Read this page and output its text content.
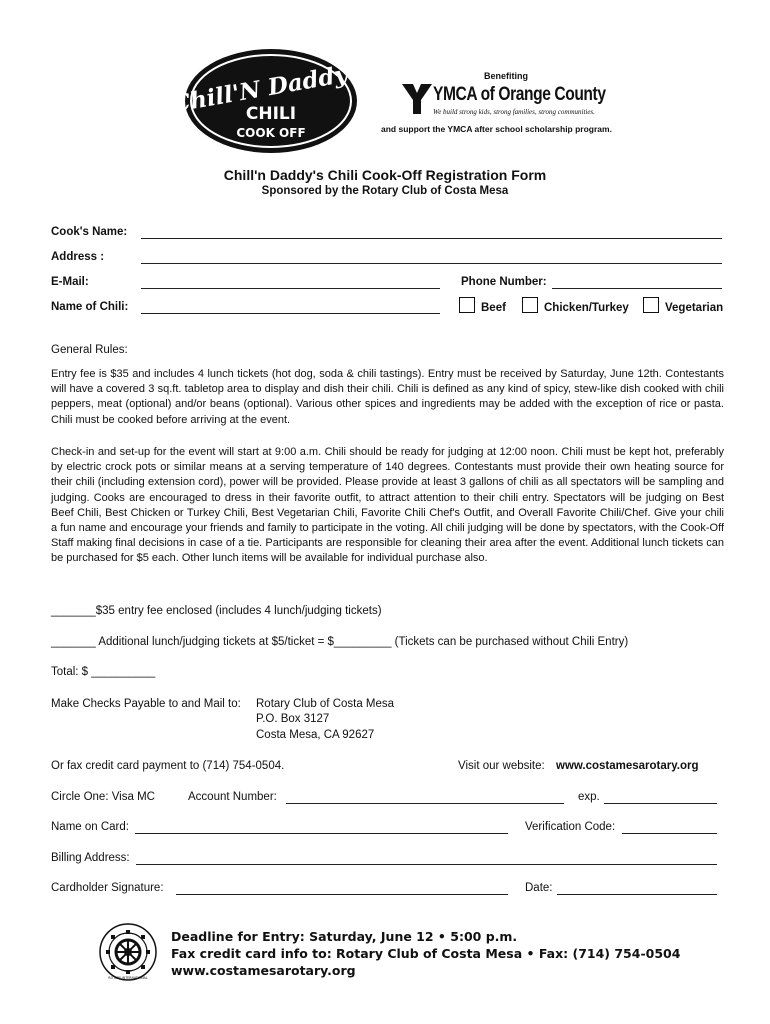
Chill'N Daddy's
CHILI
COOK OFF
Benefiting
YMCA of Orange County
We build strong kids, strong families, strong communities.
and support the YMCA after school scholarship program.
Chill'n Daddy's Chili Cook-Off Registration Form
Sponsored by the Rotary Club of Costa Mesa
Cook's Name:
Address :
E-Mail:	Phone Number:
Name of Chili:	Beef	Chicken/Turkey	Vegetarian
General Rules:
Entry fee is $35 and includes 4 lunch tickets (hot dog, soda & chili tastings). Entry must be received by Saturday, June 12th. Contestants will have a covered 3 sq.ft. tabletop area to display and dish their chili. Chili is defined as any kind of spicy, stew-like dish cooked with chili peppers, meat (optional) and/or beans (optional). Various other spices and ingredients may be added with the exception of rice or pasta. Chili must be cooked before arriving at the event.
Check-in and set-up for the event will start at 9:00 a.m. Chili should be ready for judging at 12:00 noon. Chili must be kept hot, preferably by electric crock pots or similar means at a serving temperature of 140 degrees. Contestants must provide their own heating source for their chili (including extension cord), power will be provided. Please provide at least 3 gallons of chili as all spectators will be sampling and judging. Cooks are encouraged to dress in their favorite outfit, to attract attention to their chili entry. Spectators will be judging on Best Beef Chili, Best Chicken or Turkey Chili, Best Vegetarian Chili, Favorite Chili Chef's Outfit, and Overall Favorite Chili/Chef. Give your chili a fun name and encourage your friends and family to participate in the voting. All chili judging will be done by spectators, with the Cook-Off Staff making final decisions in case of a tie. Participants are responsible for cleaning their area after the event. Additional lunch tickets can be purchased for $5 each. Other lunch items will be available for individual purchase also.
_______$35 entry fee enclosed (includes 4 lunch/judging tickets)
_______ Additional lunch/judging tickets at $5/ticket = $_________ (Tickets can be purchased without Chili Entry)
Total: $ __________
Make Checks Payable to and Mail to: Rotary Club of Costa Mesa
P.O. Box 3127
Costa Mesa, CA 92627
Or fax credit card payment to (714) 754-0504.	Visit our website: www.costamesarotary.org
Circle One: Visa MC	Account Number:	exp.
Name on Card:	Verification Code:
Billing Address:
Cardholder Signature:	Date:
ROTARY INTERNATIONAL
Deadline for Entry: Saturday, June 12 • 5:00 p.m.
Fax credit card info to: Rotary Club of Costa Mesa • Fax: (714) 754-0504
www.costamesarotary.org
